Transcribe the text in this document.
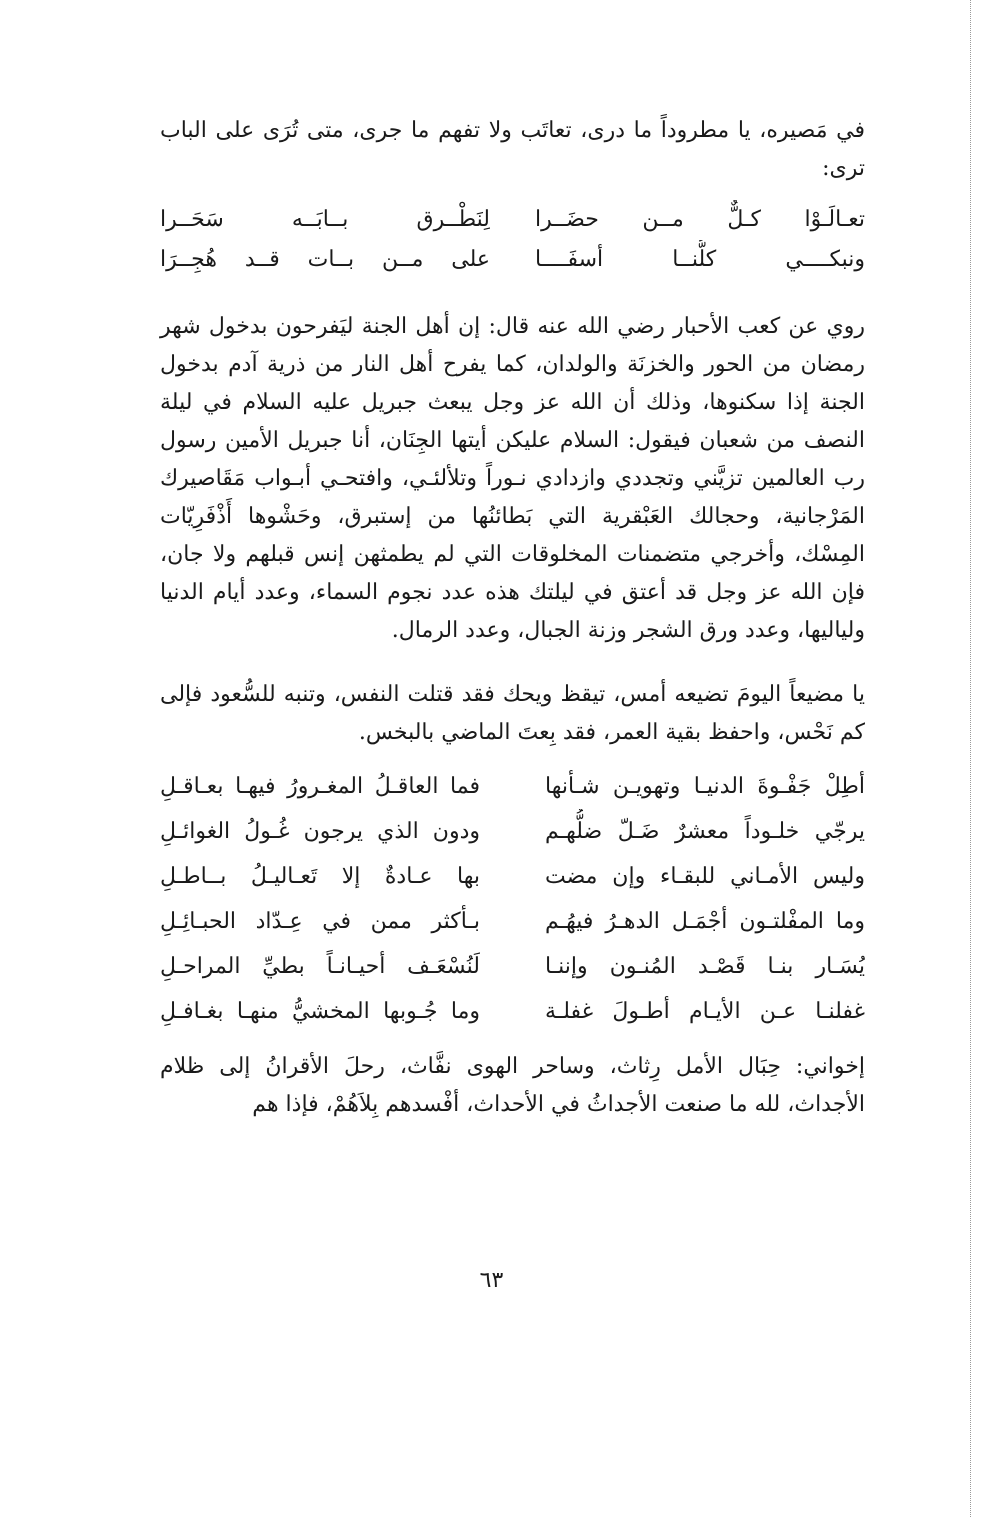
في مَصيره، يا مطروداً ما درى، تعاتَب ولا تفهم ما جرى، متى تُرَى على الباب ترى:

تعـالَـوْا كـلٌّ مــن حضَــرا
لِنَطْــرق بــابَــه سَحَــرا
ونبكــــي كلُّنــا أسفَــــا
على مــن بــات قــد هُجِــرَا

روي عن كعب الأحبار رضي الله عنه قال: إن أهل الجنة ليَفرحون بدخول شهر رمضان من الحور والخزنَة والولدان، كما يفرح أهل النار من ذرية آدم بدخول الجنة إذا سكنوها، وذلك أن الله عز وجل يبعث جبريل عليه السلام في ليلة النصف من شعبان فيقول: السلام عليكن أيتها الجِنَان، أنا جبريل الأمين رسول رب العالمين تزيَّني وتجددي وازدادي نـوراً وتلألئـي، وافتحـي أبـواب مَقَاصيرك المَرْجانية، وحجالك العَبْقرية التي بَطائنُها من إستبرق، وحَشْوها أَذْفَرِيّات المِسْك، وأخرجي متضمنات المخلوقات التي لم يطمثهن إنس قبلهم ولا جان، فإن الله عز وجل قد أعتق في ليلتك هذه عدد نجوم السماء، وعدد أيام الدنيا ولياليها، وعدد ورق الشجر وزنة الجبال، وعدد الرمال.

يا مضيعاً اليومَ تضيعه أمس، تيقظ ويحك فقد قتلت النفس، وتنبه للسُّعود فإلى كم نَحْس، واحفظ بقية العمر، فقد بِعتَ الماضي بالبخس.

أطِلْ جَفْـوةَ الدنيـا وتهويـن شـأنها
فما العاقـلُ المغـرورُ فيهـا بعـاقـلِ
يرجّي خلـوداً معشرٌ ضَـلّ ضلُّهـم
ودون الذي يرجون غُـولُ الغوائـلِ
وليس الأمـاني للبقـاء وإن مضت
بها عـادةٌ إلا تَعـاليـلُ بــاطـلِ
وما المفْلتـون أجْمَـل الدهـرُ فيهُـم
بـأكثر ممن في عِـدّاد الحبـائِـلِ
يُسَـار بنـا قَصْـد المُنـون وإننـا
لَنُسْعَـف أحيـانـاً بطيِّ المراحـلِ
غفلنـا عـن الأيـام أطـولَ غفلـة
وما جُـوبها المخشيُّ منهـا بغـافـلِ

إخواني: حِبَال الأمل رِثاث، وساحر الهوى نفَّاث، رحلَ الأقرانُ إلى ظلام الأجداث، لله ما صنعت الأجداثُ في الأحداث، أفْسدهم بِلاَهُمْ، فإذا هم

٦٣
